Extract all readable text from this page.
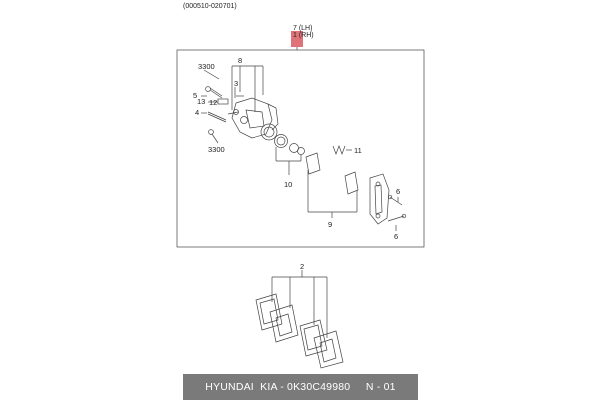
(000510-020701)
7 (LH)
1 (RH)
3300
5
13
4
3300
8
3
12
10
11
9
6
6
2
HYUNDAI  KIA - 0K30C49980     N - 01
